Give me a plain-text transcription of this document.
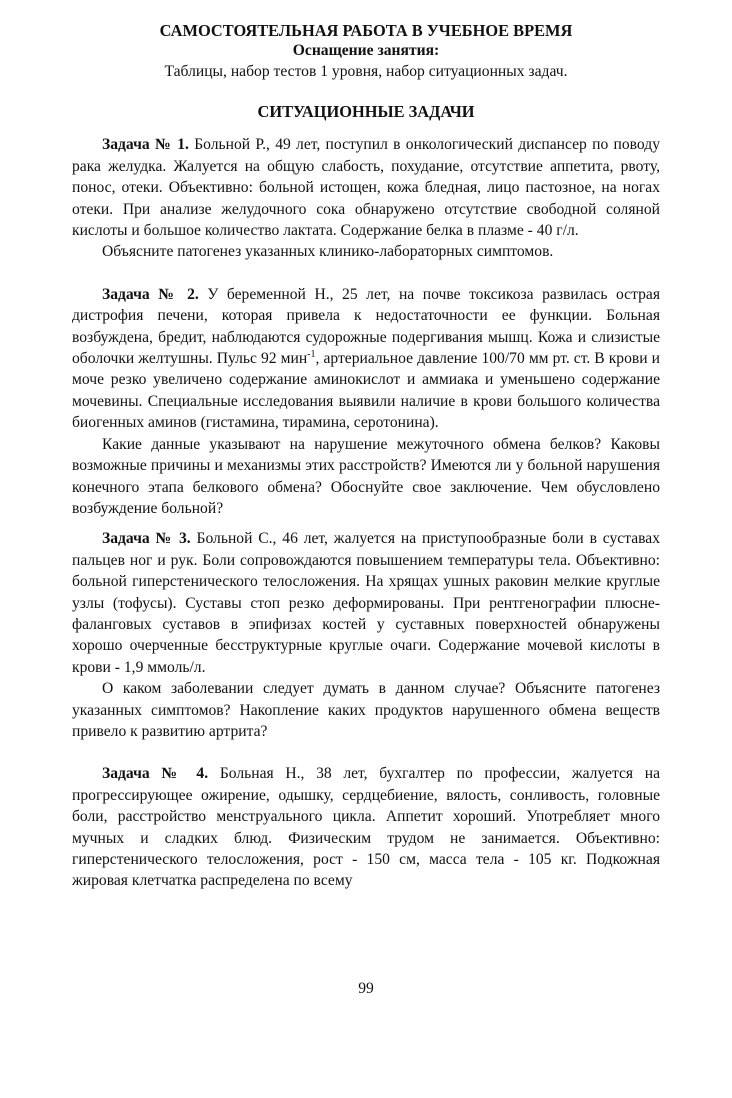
САМОСТОЯТЕЛЬНАЯ РАБОТА В УЧЕБНОЕ ВРЕМЯ

Оснащение занятия:

Таблицы, набор тестов 1 уровня, набор ситуационных задач.

СИТУАЦИОННЫЕ ЗАДАЧИ

Задача № 1. Больной Р., 49 лет, поступил в онкологический диспансер по поводу рака желудка. Жалуется на общую слабость, похудание, отсутствие аппетита, рвоту, понос, отеки. Объективно: больной истощен, кожа бледная, лицо пастозное, на ногах отеки. При анализе желудочного сока обнаружено отсутствие свободной соляной кислоты и большое количество лактата. Содержание белка в плазме - 40 г/л.

Объясните патогенез указанных клинико-лабораторных симптомов.

Задача № 2. У беременной Н., 25 лет, на почве токсикоза развилась острая дистрофия печени, которая привела к недостаточности ее функции. Больная возбуждена, бредит, наблюдаются судорожные подергивания мышц. Кожа и слизистые оболочки желтушны. Пульс 92 мин$^{-1}$, артериальное давление 100/70 мм рт. ст. В крови и моче резко увеличено содержание аминокислот и аммиака и уменьшено содержание мочевины. Специальные исследования выявили наличие в крови большого количества биогенных аминов (гистамина, тирамина, серотонина).

Какие данные указывают на нарушение межуточного обмена белков? Каковы возможные причины и механизмы этих расстройств? Имеются ли у больной нарушения конечного этапа белкового обмена? Обоснуйте свое заключение. Чем обусловлено возбуждение больной?

Задача № 3. Больной С., 46 лет, жалуется на приступообразные боли в суставах пальцев ног и рук. Боли сопровождаются повышением температуры тела. Объективно: больной гиперстенического телосложения. На хрящах ушных раковин мелкие круглые узлы (тофусы). Суставы стоп резко деформированы. При рентгенографии плюсне-фаланговых суставов в эпифизах костей у суставных поверхностей обнаружены хорошо очерченные бесструктурные круглые очаги. Содержание мочевой кислоты в крови - 1,9 ммоль/л.

О каком заболевании следует думать в данном случае? Объясните патогенез указанных симптомов? Накопление каких продуктов нарушенного обмена веществ привело к развитию артрита?

Задача № 4. Больная Н., 38 лет, бухгалтер по профессии, жалуется на прогрессирующее ожирение, одышку, сердцебиение, вялость, сонливость, головные боли, расстройство менструального цикла. Аппетит хороший. Употребляет много мучных и сладких блюд. Физическим трудом не занимается. Объективно: гиперстенического телосложения, рост - 150 см, масса тела - 105 кг. Подкожная жировая клетчатка распределена по всему

99
